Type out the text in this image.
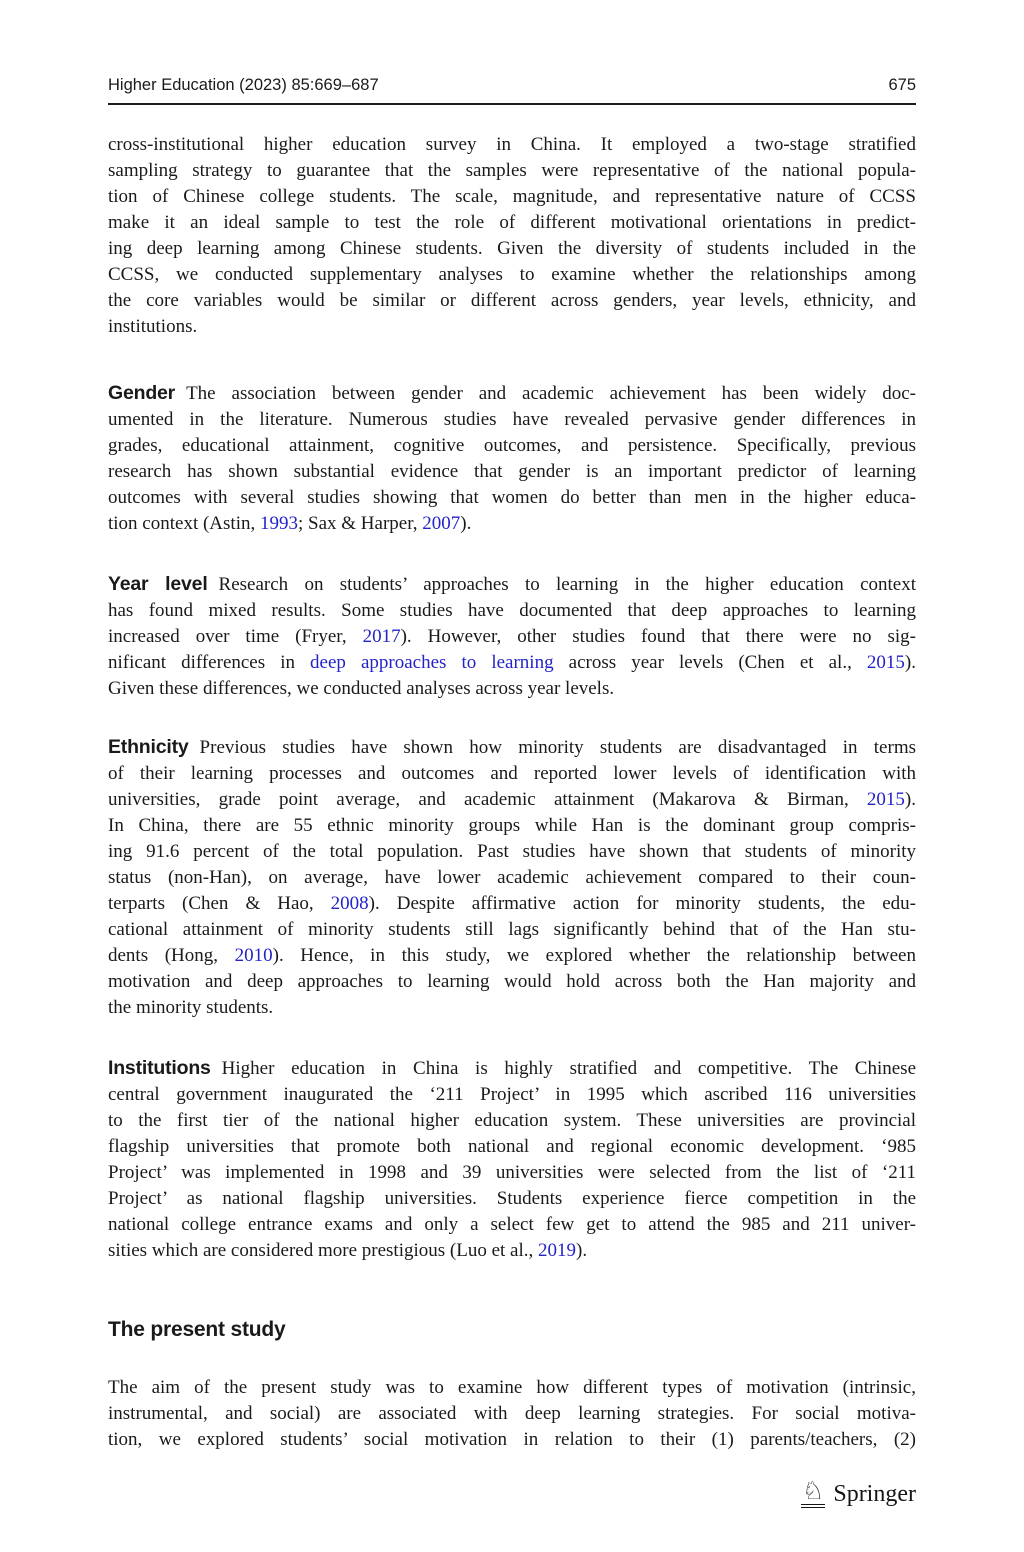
Higher Education (2023) 85:669–687	675
cross-institutional higher education survey in China. It employed a two-stage stratified
sampling strategy to guarantee that the samples were representative of the national popula-
tion of Chinese college students. The scale, magnitude, and representative nature of CCSS
make it an ideal sample to test the role of different motivational orientations in predict-
ing deep learning among Chinese students. Given the diversity of students included in the
CCSS, we conducted supplementary analyses to examine whether the relationships among
the core variables would be similar or different across genders, year levels, ethnicity, and
institutions.
Gender The association between gender and academic achievement has been widely doc-
umented in the literature. Numerous studies have revealed pervasive gender differences in
grades, educational attainment, cognitive outcomes, and persistence. Specifically, previous
research has shown substantial evidence that gender is an important predictor of learning
outcomes with several studies showing that women do better than men in the higher educa-
tion context (Astin, 1993; Sax & Harper, 2007).
Year level Research on students’ approaches to learning in the higher education context
has found mixed results. Some studies have documented that deep approaches to learning
increased over time (Fryer, 2017). However, other studies found that there were no sig-
nificant differences in deep approaches to learning across year levels (Chen et al., 2015).
Given these differences, we conducted analyses across year levels.
Ethnicity Previous studies have shown how minority students are disadvantaged in terms
of their learning processes and outcomes and reported lower levels of identification with
universities, grade point average, and academic attainment (Makarova & Birman, 2015).
In China, there are 55 ethnic minority groups while Han is the dominant group compris-
ing 91.6 percent of the total population. Past studies have shown that students of minority
status (non-Han), on average, have lower academic achievement compared to their coun-
terparts (Chen & Hao, 2008). Despite affirmative action for minority students, the edu-
cational attainment of minority students still lags significantly behind that of the Han stu-
dents (Hong, 2010). Hence, in this study, we explored whether the relationship between
motivation and deep approaches to learning would hold across both the Han majority and
the minority students.
Institutions Higher education in China is highly stratified and competitive. The Chinese
central government inaugurated the ‘211 Project’ in 1995 which ascribed 116 universities
to the first tier of the national higher education system. These universities are provincial
flagship universities that promote both national and regional economic development. ‘985
Project’ was implemented in 1998 and 39 universities were selected from the list of ‘211
Project’ as national flagship universities. Students experience fierce competition in the
national college entrance exams and only a select few get to attend the 985 and 211 univer-
sities which are considered more prestigious (Luo et al., 2019).
The present study
The aim of the present study was to examine how different types of motivation (intrinsic,
instrumental, and social) are associated with deep learning strategies. For social motiva-
tion, we explored students’ social motivation in relation to their (1) parents/teachers, (2)
♘ Springer
